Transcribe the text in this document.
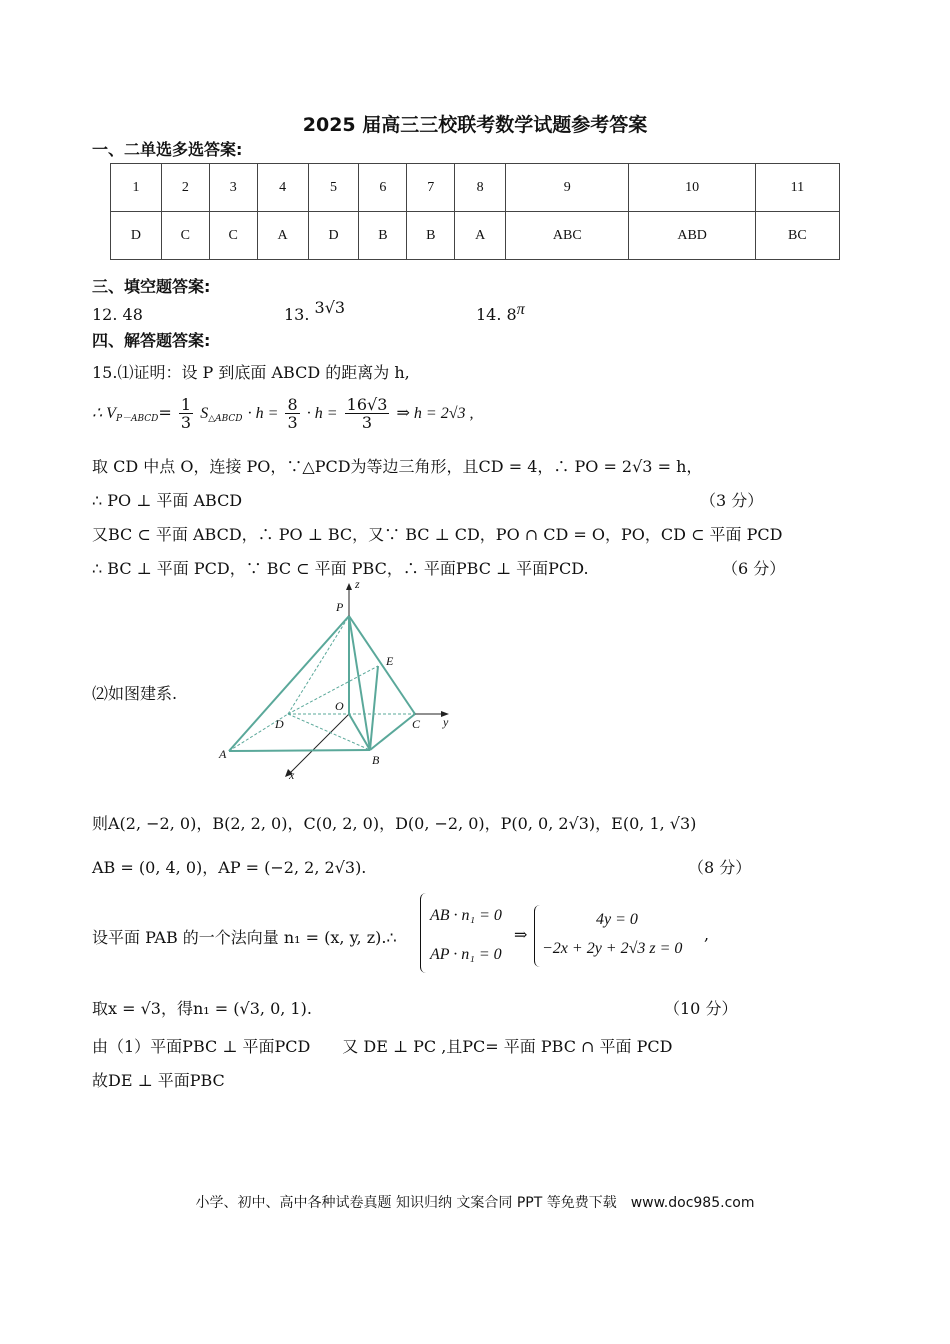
2025 届高三三校联考数学试题参考答案
一、二单选多选答案:
1	2	3	4	5	6	7	8	9	10	11
D	C	C	A	D	B	B	A	ABC	ABD	BC
三、填空题答案:
12. 48	13. 3√3	14. 8π
四、解答题答案:
15.⑴证明：设 P 到底面 ABCD 的距离为 h,
∴ $V_{P-ABCD}= \frac{1}{3} S_{\triangle ABCD} \cdot h = \frac{8}{3} \cdot h = \frac{16√3}{3}$ ⇒ h = 2√3 ,
取 CD 中点 O，连接 PO，∵△PCD为等边三角形，且CD = 4，∴ PO = 2√3 = h，
∴ PO ⊥ 平面 ABCD	（3 分）
又BC ⊂ 平面 ABCD，∴ PO ⊥ BC，又∵ BC ⊥ CD，PO ∩ CD = O，PO，CD ⊂ 平面 PCD
∴ BC ⊥ 平面 PCD，∵ BC ⊂ 平面 PBC，∴ 平面PBC ⊥ 平面PCD.	（6 分）
⑵如图建系.
P
z
E
O
D	C y
A	B
x
则A(2, −2, 0)，B(2, 2, 0)，C(0, 2, 0)，D(0, −2, 0)，P(0, 0, 2√3)，E(0, 1, √3)
AB = (0, 4, 0)，AP = (−2, 2, 2√3).	（8 分）
设平面 PAB 的一个法向量 n₁ = (x, y, z).∴
AB · n₁ = 0
AP · n₁ = 0
⇒
4y = 0
−2x + 2y + 2√3 z = 0
,
取x = √3，得n₁ = (√3, 0, 1).	（10 分）
由（1）平面PBC ⊥ 平面PCD　　又 DE ⊥ PC ,且PC= 平面 PBC ∩ 平面 PCD
故DE ⊥ 平面PBC
小学、初中、高中各种试卷真题 知识归纳 文案合同 PPT 等免费下载　www.doc985.com
